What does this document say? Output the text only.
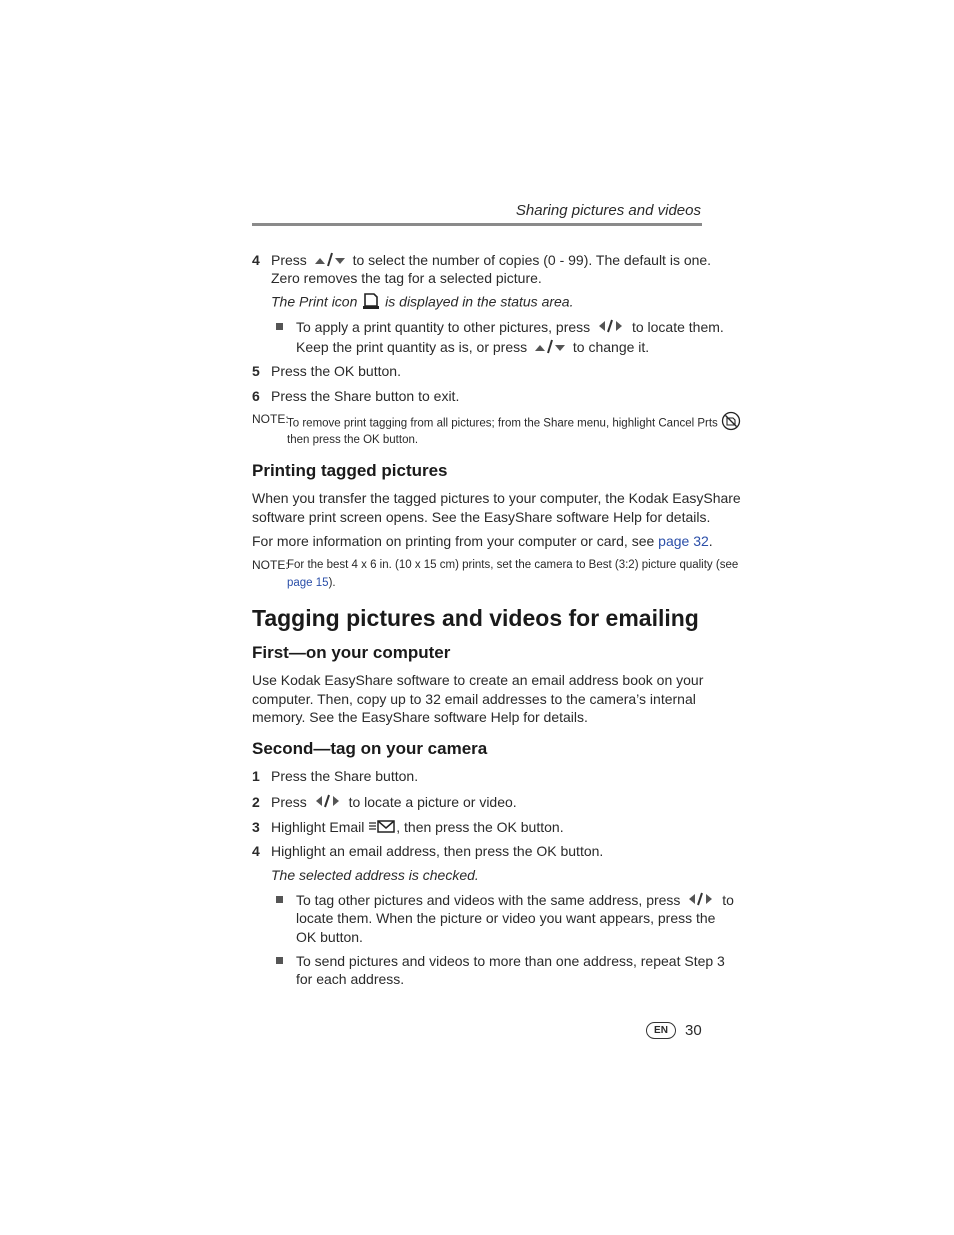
Sharing pictures and videos
4 Press	to select the number of copies (0 - 99). The default is one.
Zero removes the tag for a selected picture.
The Print icon is displayed in the status area.
To apply a print quantity to other pictures, press	to locate them.
Keep the print quantity as is, or press	to change it.
5 Press the OK button.
6 Press the Share button to exit.
NOTE:
To remove print tagging from all pictures; from the Share menu, highlight Cancel Prts
then press the OK button.
Printing tagged pictures
When you transfer the tagged pictures to your computer, the Kodak EasyShare
software print screen opens. See the EasyShare software Help for details.
For more information on printing from your computer or card, see page 32.
NOTE:
For the best 4 x 6 in. (10 x 15 cm) prints, set the camera to Best (3:2) picture quality (see
page 15).
Tagging pictures and videos for emailing
First—on your computer
Use Kodak EasyShare software to create an email address book on your
computer. Then, copy up to 32 email addresses to the camera’s internal
memory. See the EasyShare software Help for details.
Second—tag on your camera
1 Press the Share button.
2 Press	to locate a picture or video.
3 Highlight Email , then press the OK button.
4 Highlight an email address, then press the OK button.
The selected address is checked.
To tag other pictures and videos with the same address, press	to
locate them. When the picture or video you want appears, press the
OK button.
To send pictures and videos to more than one address, repeat Step 3
for each address.
EN	30
